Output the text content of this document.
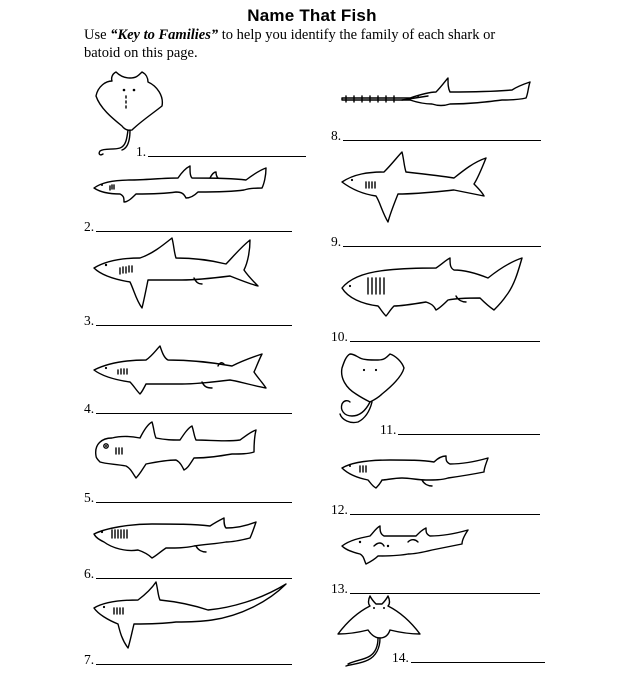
Name That Fish
Use “Key to Families” to help you identify the family of each shark or batoid on this page.
1.
2.
3.
4.
5.
6.
7.
8.
9.
10.
11.
12.
13.
14.
